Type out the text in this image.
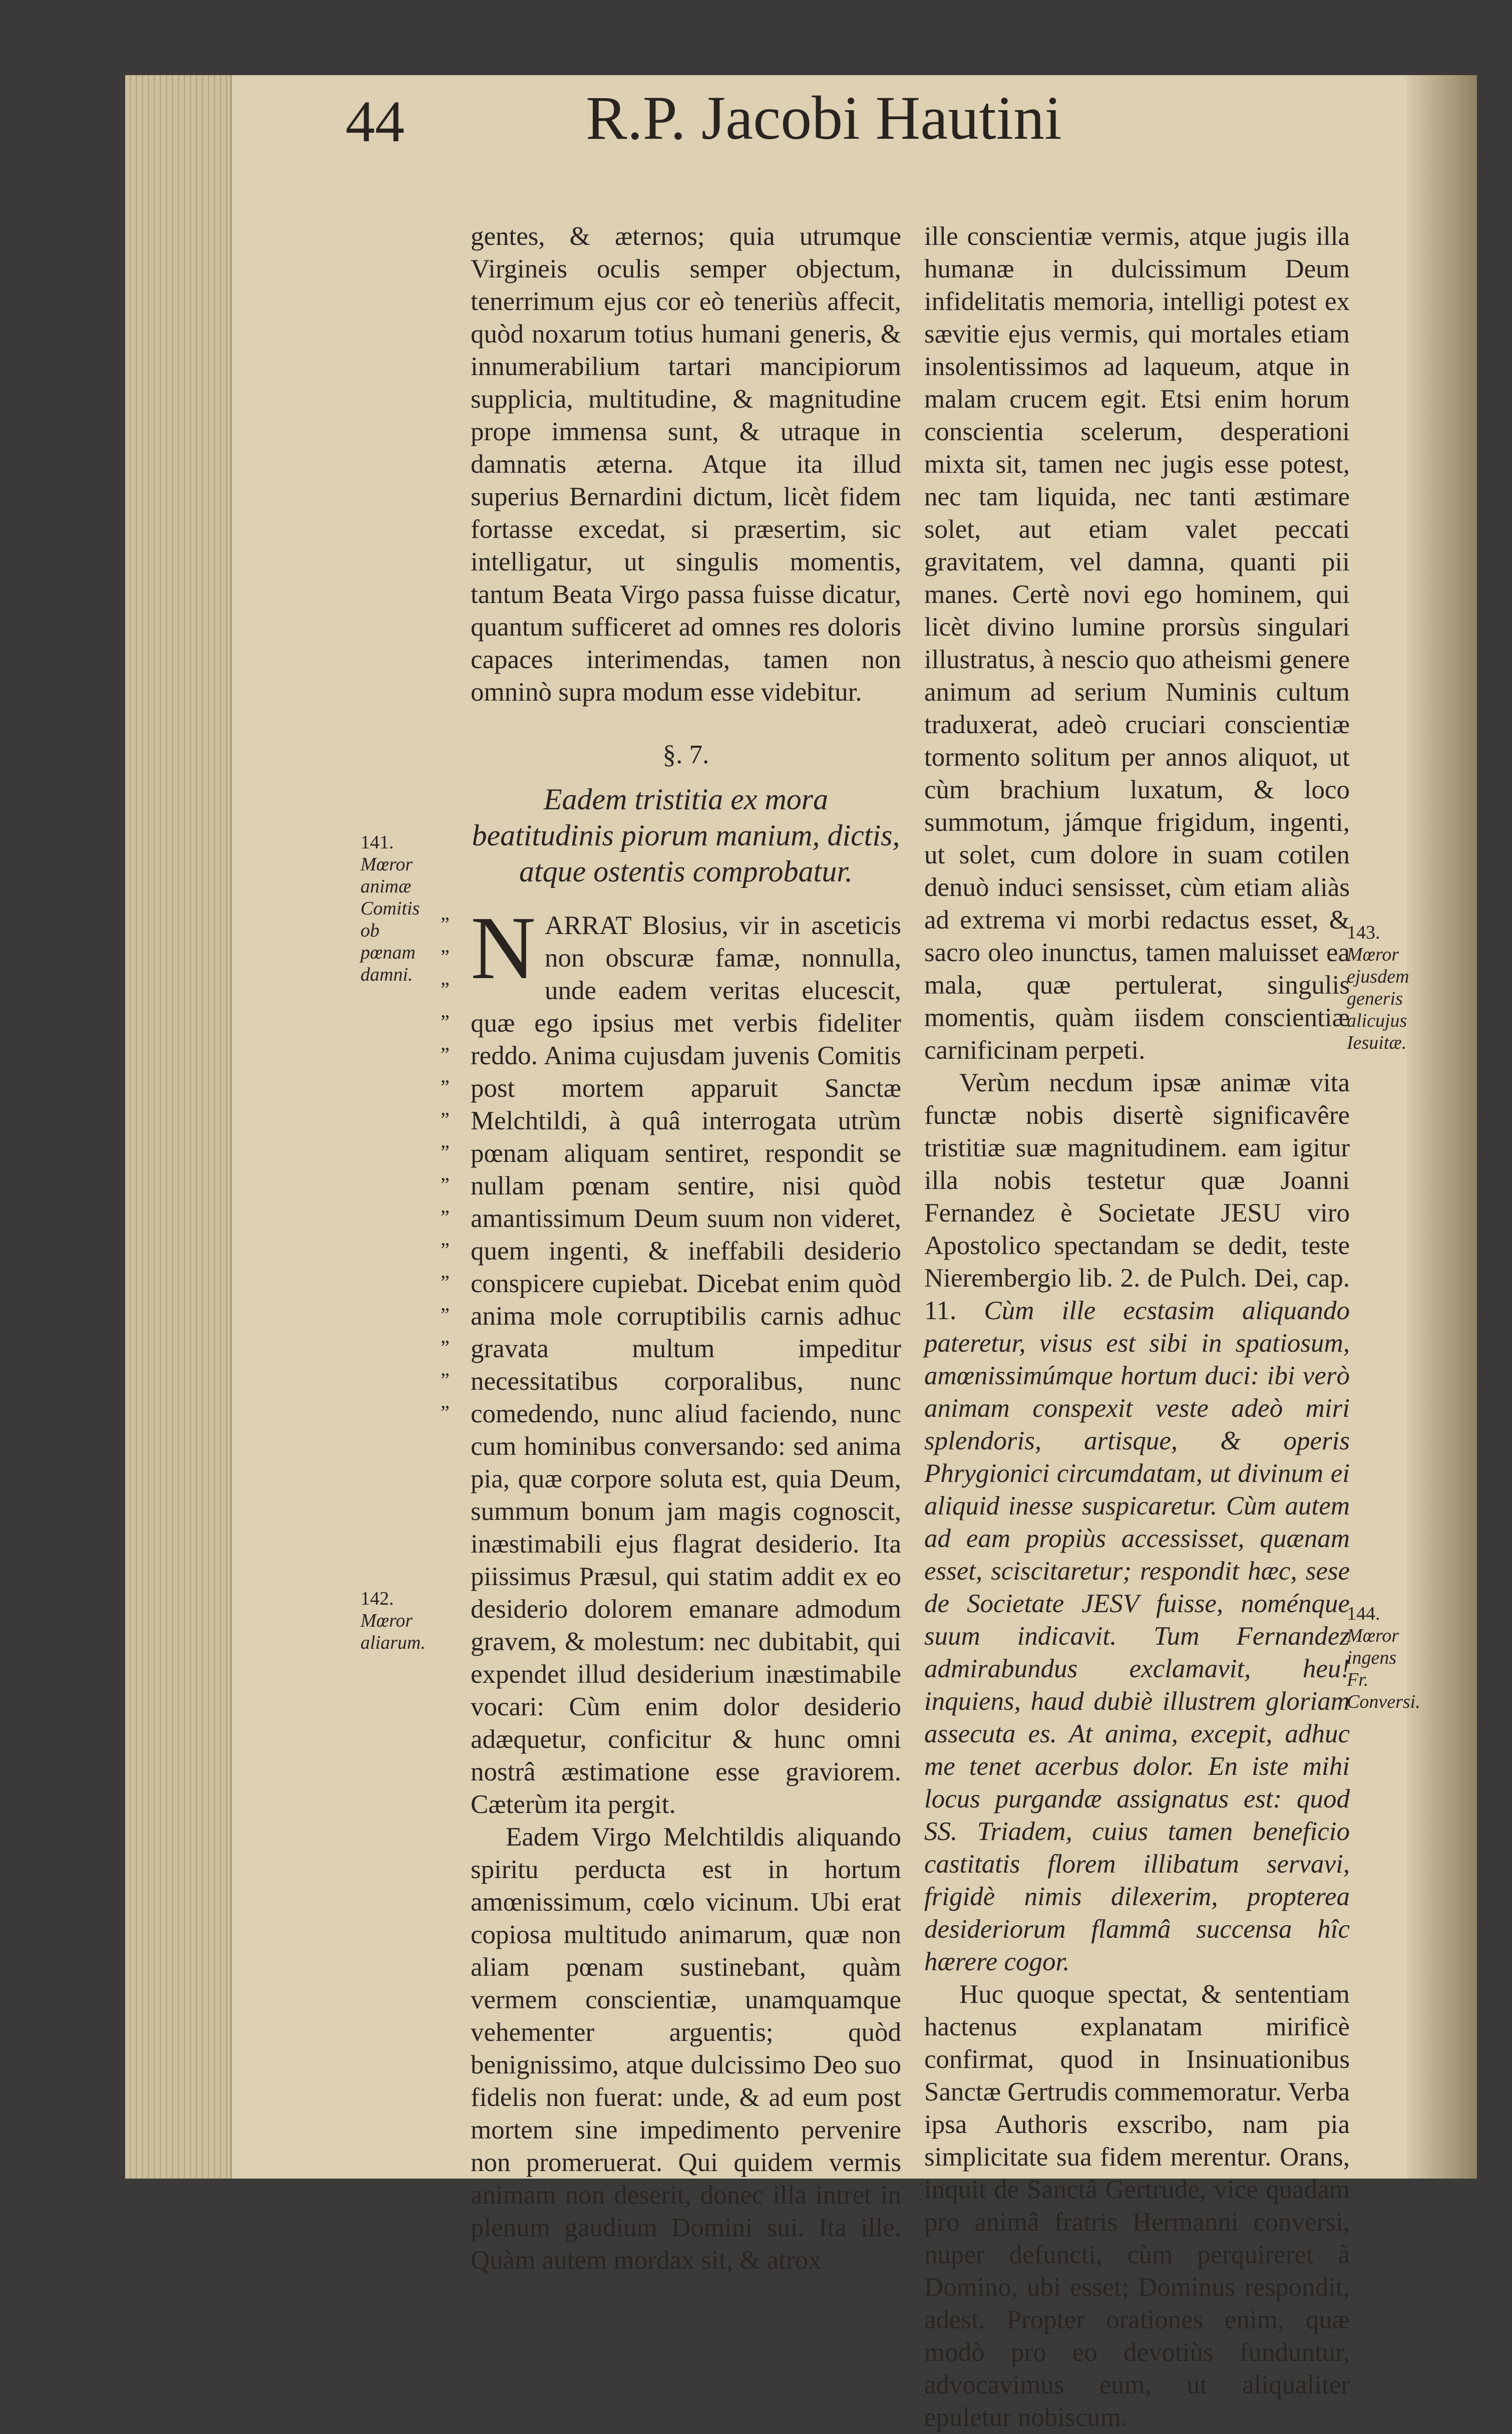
44	R.P. Jacobi Hautini

gentes, & æternos; quia utrumque Virgineis oculis semper objectum, tenerrimum ejus cor eò teneriùs affecit, quòd noxarum totius humani generis, & innumerabilium tartari mancipiorum supplicia, multitudine, & magnitudine prope immensa sunt, & utraque in damnatis æterna. Atque ita illud superius Bernardini dictum, licèt fidem fortasse excedat, si præsertim, sic intelligatur, ut singulis momentis, tantum Beata Virgo passa fuisse dicatur, quantum sufficeret ad omnes res doloris capaces interimendas, tamen non omninò supra modum esse videbitur.

§. 7.
Eadem tristitia ex mora beatitudinis piorum manium, dictis, atque ostentis comprobatur.

N ARRAT Blosius, vir in asceticis non obscuræ famæ, nonnulla, unde eadem veritas elucescit, quæ ego ipsius met verbis fideliter reddo. Anima cujusdam juvenis Comitis post mortem apparuit Sanctæ Melchtildi, à quâ interrogata utrùm pœnam aliquam sentiret, respondit se nullam pœnam sentire, nisi quòd amantissimum Deum suum non videret, quem ingenti, & ineffabili desiderio conspicere cupiebat. Dicebat enim quòd anima mole corruptibilis carnis adhuc gravata multum impeditur necessitatibus corporalibus, nunc comedendo, nunc aliud faciendo, nunc cum hominibus conversando: sed anima pia, quæ corpore soluta est, quia Deum, summum bonum jam magis cognoscit, inæstimabili ejus flagrat desiderio. Ita piissimus Præsul, qui statim addit ex eo desiderio dolorem emanare admodum gravem, & molestum: nec dubitabit, qui expendet illud desiderium inæstimabile vocari: Cùm enim dolor desiderio adæquetur, conficitur & hunc omni nostrâ æstimatione esse graviorem. Cæterùm ita pergit.

Eadem Virgo Melchtildis aliquando spiritu perducta est in hortum amœnissimum, cœlo vicinum. Ubi erat copiosa multitudo animarum, quæ non aliam pœnam sustinebant, quàm vermem conscientiæ, unamquamque vehementer arguentis; quòd benignissimo, atque dulcissimo Deo suo fidelis non fuerat: unde, & ad eum post mortem sine impedimento pervenire non promeruerat. Qui quidem vermis animam non deserit, donec illa intret in plenum gaudium Domini sui. Ita ille. Quàm autem mordax sit, & atrox

ille conscientiæ vermis, atque jugis illa humanæ in dulcissimum Deum infidelitatis memoria, intelligi potest ex sævitie ejus vermis, qui mortales etiam insolentissimos ad laqueum, atque in malam crucem egit. Etsi enim horum conscientia scelerum, desperationi mixta sit, tamen nec jugis esse potest, nec tam liquida, nec tanti æstimare solet, aut etiam valet peccati gravitatem, vel damna, quanti pii manes. Certè novi ego hominem, qui licèt divino lumine prorsùs singulari illustratus, à nescio quo atheismi genere animum ad serium Numinis cultum traduxerat, adeò cruciari conscientiæ tormento solitum per annos aliquot, ut cùm brachium luxatum, & loco summotum, jámque frigidum, ingenti, ut solet, cum dolore in suam cotilen denuò induci sensisset, cùm etiam aliàs ad extrema vi morbi redactus esset, & sacro oleo inunctus, tamen maluisset ea mala, quæ pertulerat, singulis momentis, quàm iisdem conscientiæ carnificinam perpeti.

Verùm necdum ipsæ animæ vita functæ nobis disertè significavêre tristitiæ suæ magnitudinem. eam igitur illa nobis testetur quæ Joanni Fernandez è Societate JESU viro Apostolico spectandam se dedit, teste Nierembergio lib. 2. de Pulch. Dei, cap. 11. Cùm ille ecstasim aliquando pateretur, visus est sibi in spatiosum, amœnissimúmque hortum duci: ibi verò animam conspexit veste adeò miri splendoris, artisque, & operis Phrygionici circumdatam, ut divinum ei aliquid inesse suspicaretur. Cùm autem ad eam propiùs accessisset, quænam esset, sciscitaretur; respondit hæc, sese de Societate JESV fuisse, noménque suum indicavit. Tum Fernandez admirabundus exclamavit, heu! inquiens, haud dubiè illustrem gloriam assecuta es. At anima, excepit, adhuc me tenet acerbus dolor. En iste mihi locus purgandæ assignatus est: quod SS. Triadem, cuius tamen beneficio castitatis florem illibatum servavi, frigidè nimis dilexerim, propterea desideriorum flammâ succensa hîc hærere cogor.

Huc quoque spectat, & sententiam hactenus explanatam mirificè confirmat, quod in Insinuationibus Sanctæ Gertrudis commemoratur. Verba ipsa Authoris exscribo, nam pia simplicitate sua fidem merentur. Orans, inquit de Sanctâ Gertrude, vice quadam pro animâ fratris Hermanni conversi, nuper defuncti, cùm perquireret à Domino, ubi esset; Dominus respondit, adest. Propter orationes enim, quæ modò pro eo devotiùs funduntur, advocavimus eum, ut aliqualiter epuletur nobiscum.

141.
Mœror animæ Comitis ob pœnam damni.
142.
Mœror aliarum.
143.
Mœror ejusdem generis alicujus Iesuitæ.
144.
Mœror ingens Fr. Conversi.
„
„
„
„
„
„
„
„
„
„
„
„
„
„
„
„
